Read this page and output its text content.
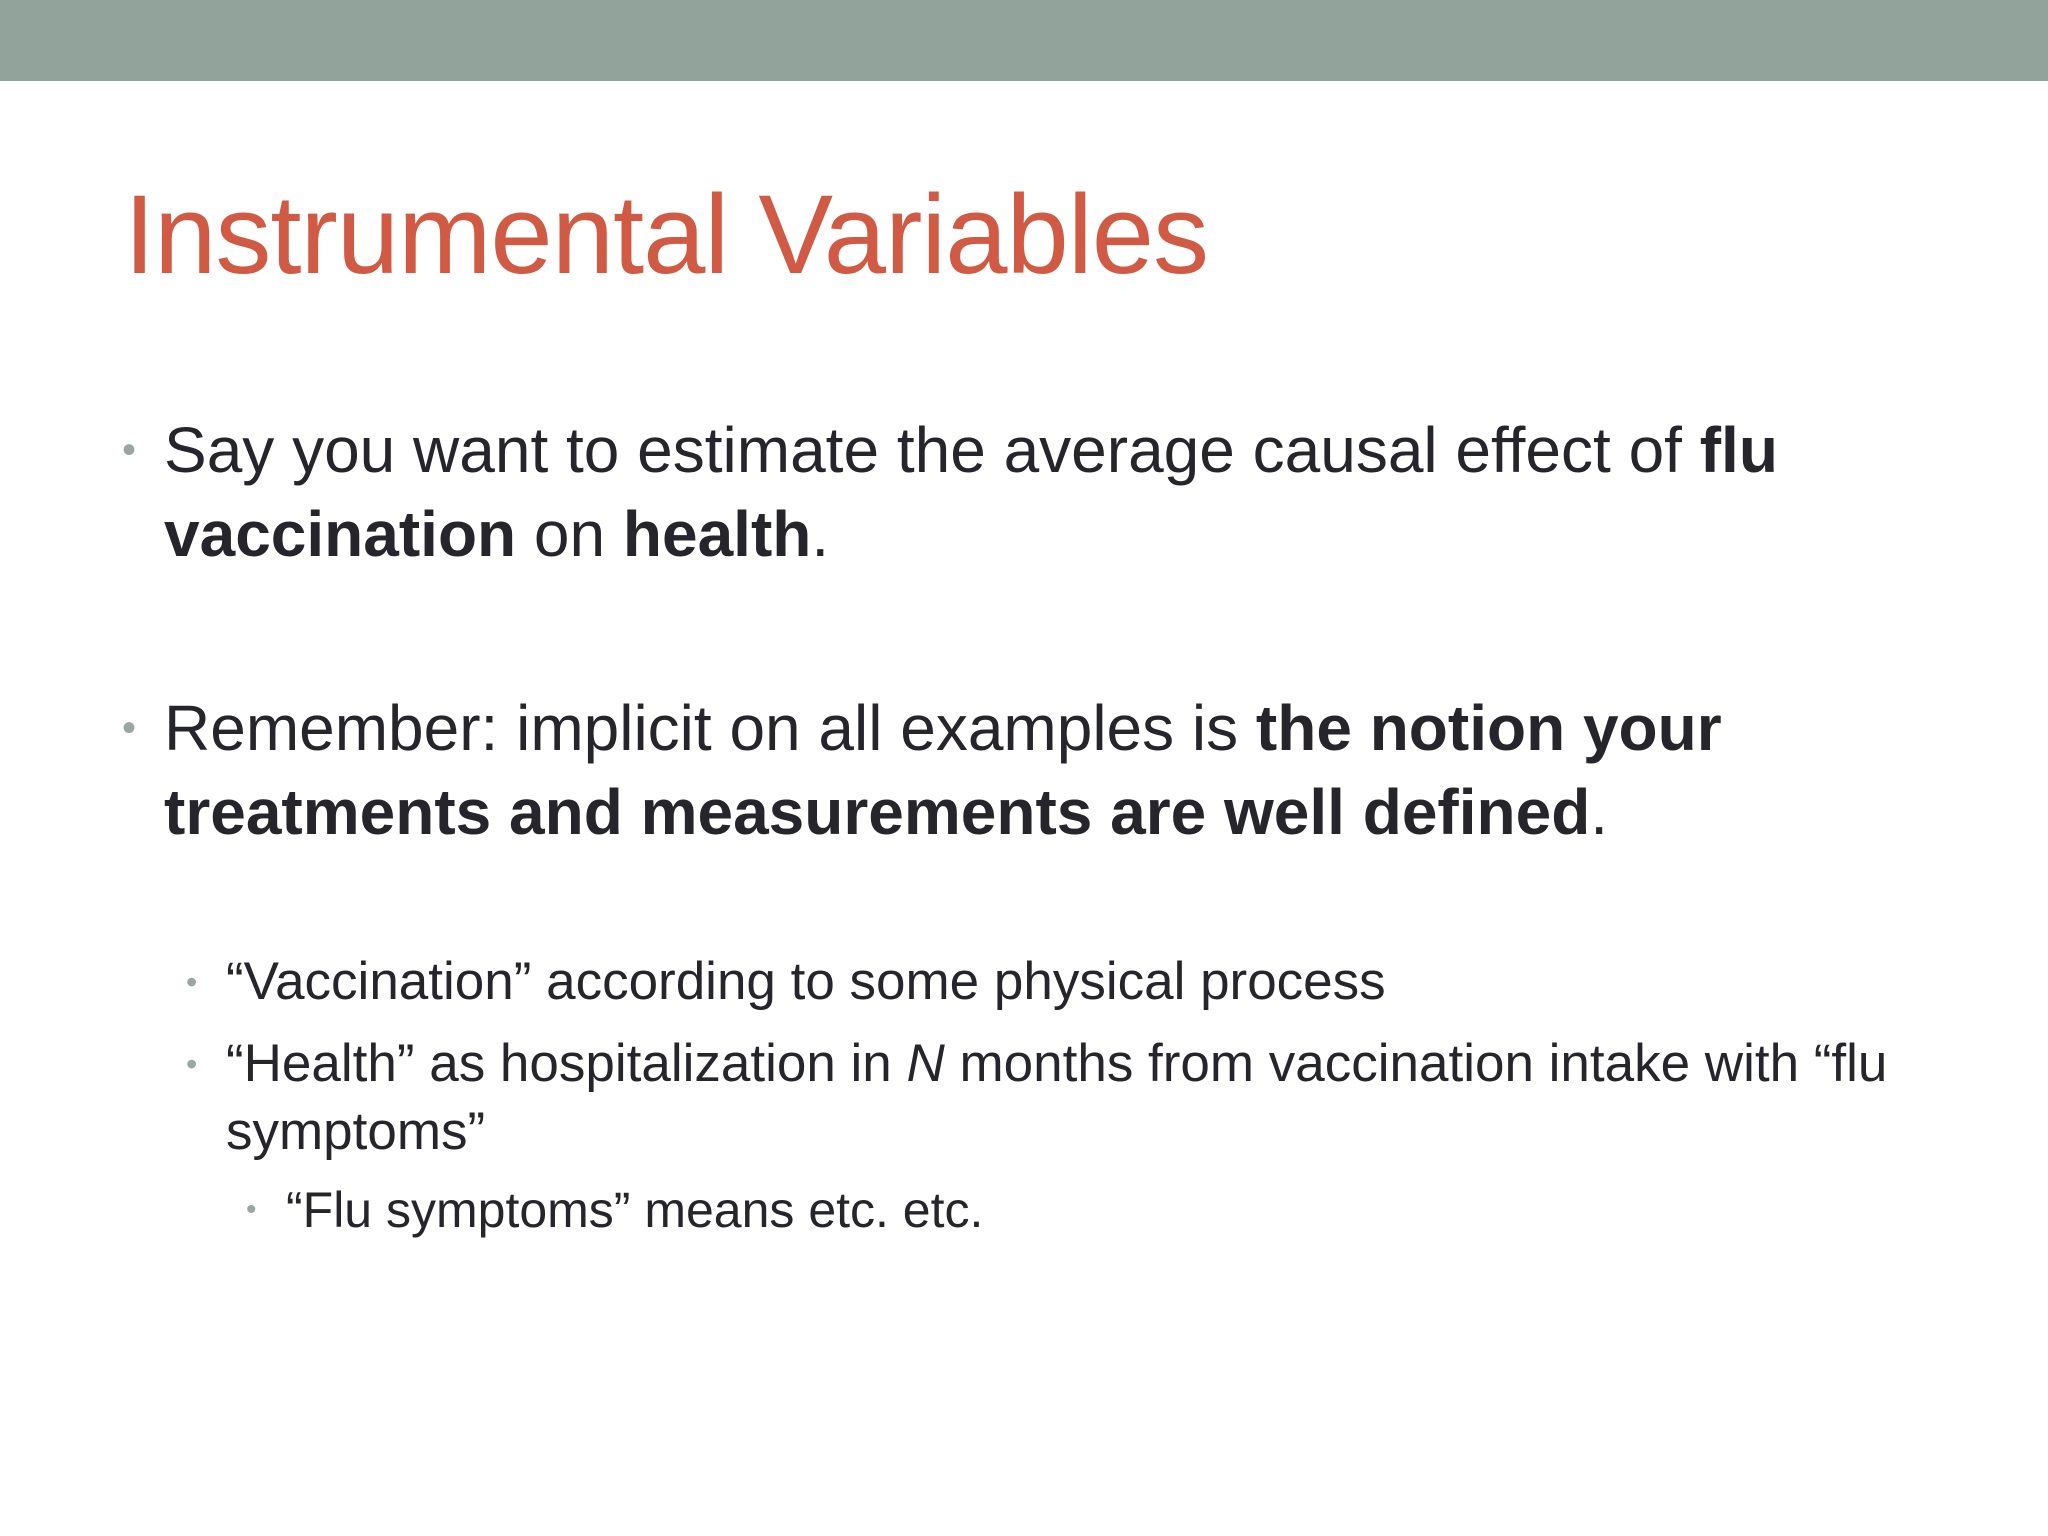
Instrumental Variables

• Say you want to estimate the average causal effect of flu vaccination on health.

• Remember: implicit on all examples is the notion your treatments and measurements are well defined.

• “Vaccination” according to some physical process

• “Health” as hospitalization in N months from vaccination intake with “flu symptoms”

• “Flu symptoms” means etc. etc.
